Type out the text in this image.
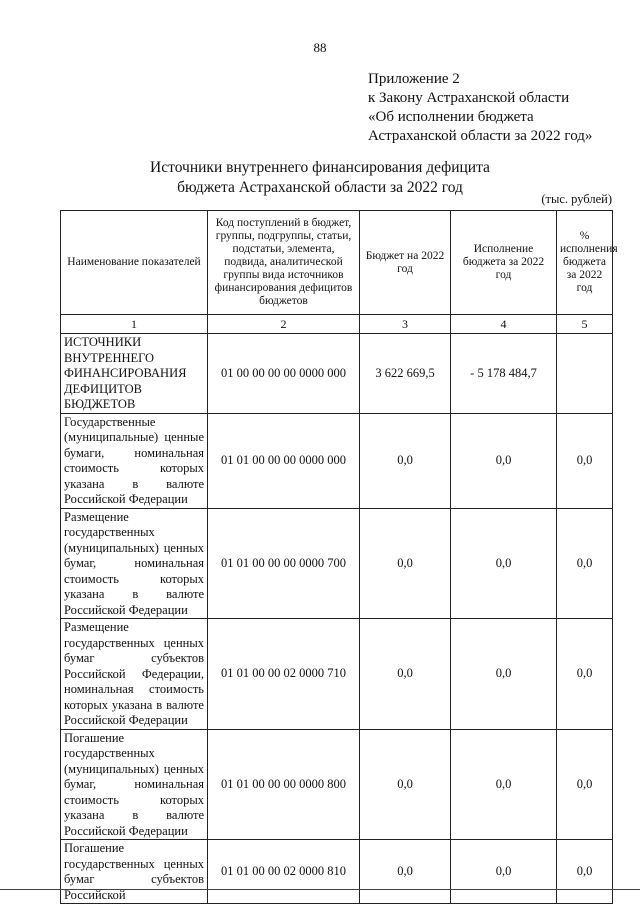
88
Приложение 2
к Закону Астраханской области
«Об исполнении бюджета
Астраханской области за 2022 год»
Источники внутреннего финансирования дефицита
бюджета Астраханской области за 2022 год
(тыс. рублей)
Наименование показателей	Код поступлений в бюджет, группы, подгруппы, статьи, подстатьи, элемента, подвида, аналитической группы вида источников финансирования дефицитов бюджетов	Бюджет на 2022 год	Исполнение бюджета за 2022 год	% исполнения бюджета за 2022 год
1	2	3	4	5
ИСТОЧНИКИ ВНУТРЕННЕГО ФИНАНСИРОВАНИЯ ДЕФИЦИТОВ БЮДЖЕТОВ	01 00 00 00 00 0000 000	3 622 669,5	- 5 178 484,7	
Государственные (муниципальные) ценные бумаги, номинальная стоимость которых указана в валюте Российской Федерации	01 01 00 00 00 0000 000	0,0	0,0	0,0
Размещение государственных (муниципальных) ценных бумаг, номинальная стоимость которых указана в валюте Российской Федерации	01 01 00 00 00 0000 700	0,0	0,0	0,0
Размещение государственных ценных бумаг субъектов Российской Федерации, номинальная стоимость которых указана в валюте Российской Федерации	01 01 00 00 02 0000 710	0,0	0,0	0,0
Погашение государственных (муниципальных) ценных бумаг, номинальная стоимость которых указана в валюте Российской Федерации	01 01 00 00 00 0000 800	0,0	0,0	0,0
Погашение государственных ценных бумаг субъектов Российской	01 01 00 00 02 0000 810	0,0	0,0	0,0
